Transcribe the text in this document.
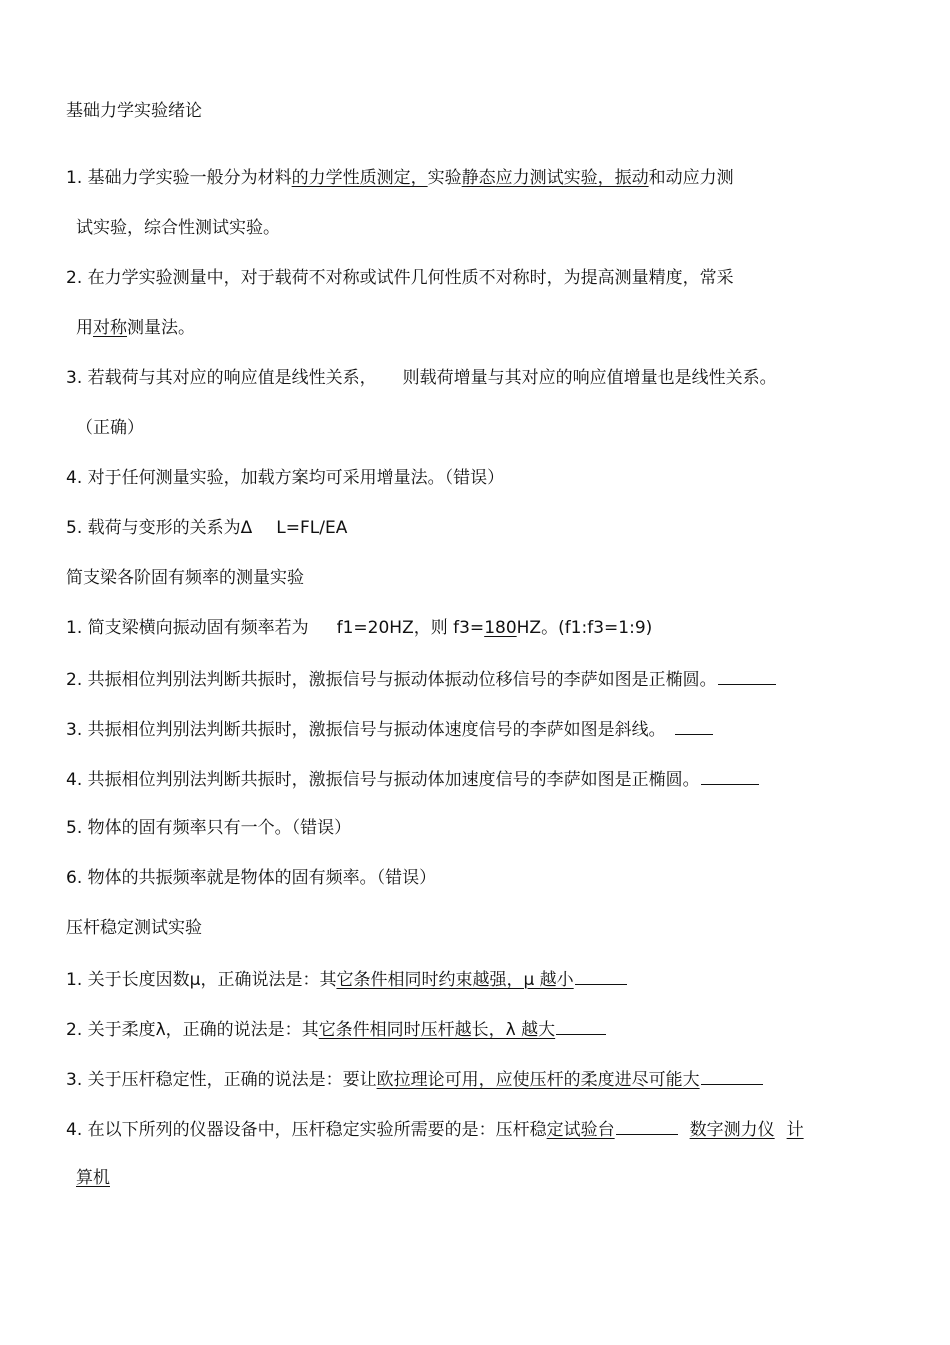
基础力学实验绪论
1. 基础力学实验一般分为材料的力学性质测定，实验静态应力测试实验，振动和动应力测
试实验，综合性测试实验。
2. 在力学实验测量中，对于载荷不对称或试件几何性质不对称时，为提高测量精度，常采
用对称测量法。
3. 若载荷与其对应的响应值是线性关系， 则载荷增量与其对应的响应值增量也是线性关系。
（正确）
4. 对于任何测量实验，加载方案均可采用增量法。（错误）
5. 载荷与变形的关系为Δ L=FL/EA
简支梁各阶固有频率的测量实验
1. 简支梁横向振动固有频率若为 f1=20HZ，则 f3=180HZ。(f1:f3=1:9)
2. 共振相位判别法判断共振时，激振信号与振动体振动位移信号的李萨如图是正椭圆。
3. 共振相位判别法判断共振时，激振信号与振动体速度信号的李萨如图是斜线。
4. 共振相位判别法判断共振时，激振信号与振动体加速度信号的李萨如图是正椭圆。
5. 物体的固有频率只有一个。（错误）
6. 物体的共振频率就是物体的固有频率。（错误）
压杆稳定测试实验
1. 关于长度因数μ，正确说法是：其它条件相同时约束越强，μ 越小
2. 关于柔度λ，正确的说法是：其它条件相同时压杆越长，λ 越大
3. 关于压杆稳定性，正确的说法是：要让欧拉理论可用，应使压杆的柔度进尽可能大
4. 在以下所列的仪器设备中，压杆稳定实验所需要的是：压杆稳定试验台	数字测力仪 计
算机
